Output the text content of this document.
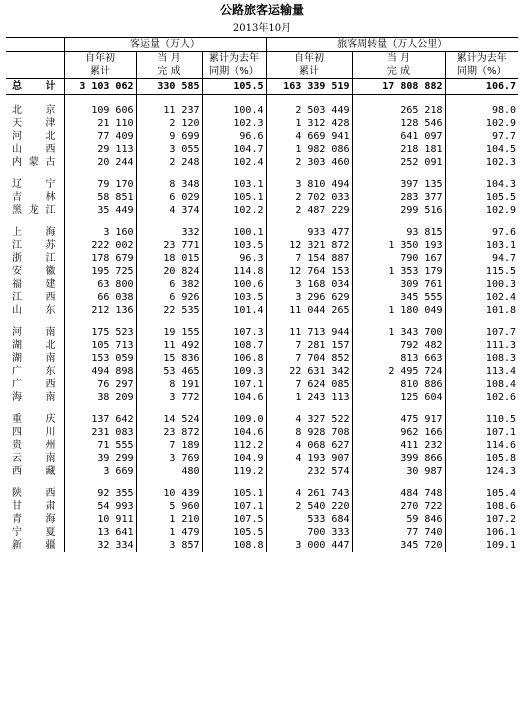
公路旅客运输量
2013年10月
	客运量（万人）			旅客周转量（万人公里）		
	自年初	当 月	累计为去年	自年初	当 月	累计为去年
	累计	完 成	同期（%）	累计	完 成	同期（%）
总 计	3 103 062	330 585	105.5	163 339 519	17 808 882	106.7

北京	109 606	11 237	100.4	2 503 449	265 218	98.0
天津	21 110	2 120	102.3	1 312 428	128 546	102.9
河北	77 409	9 699	96.6	4 669 941	641 097	97.7
山西	29 113	3 055	104.7	1 982 086	218 181	104.5
内蒙古	20 244	2 248	102.4	2 303 460	252 091	102.3

辽宁	79 170	8 348	103.1	3 810 494	397 135	104.3
吉林	58 851	6 029	105.1	2 702 033	283 377	105.5
黑龙江	35 449	4 374	102.2	2 487 229	299 516	102.9

上海	3 160	332	100.1	933 477	93 815	97.6
江苏	222 002	23 771	103.5	12 321 872	1 350 193	103.1
浙江	178 679	18 015	96.3	7 154 887	790 167	94.7
安徽	195 725	20 824	114.8	12 764 153	1 353 179	115.5
福建	63 800	6 382	100.6	3 168 034	309 761	100.3
江西	66 038	6 926	103.5	3 296 629	345 555	102.4
山东	212 136	22 535	101.4	11 044 265	1 180 049	101.8

河南	175 523	19 155	107.3	11 713 944	1 343 700	107.7
湖北	105 713	11 492	108.7	7 281 157	792 482	111.3
湖南	153 059	15 836	106.8	7 704 852	813 663	108.3
广东	494 898	53 465	109.3	22 631 342	2 495 724	113.4
广西	76 297	8 191	107.1	7 624 085	810 886	108.4
海南	38 209	3 772	104.6	1 243 113	125 604	102.6

重庆	137 642	14 524	109.0	4 327 522	475 917	110.5
四川	231 083	23 872	104.6	8 928 708	962 166	107.1
贵州	71 555	7 189	112.2	4 068 627	411 232	114.6
云南	39 299	3 769	104.9	4 193 907	399 866	105.8
西藏	3 669	480	119.2	232 574	30 987	124.3

陕西	92 355	10 439	105.1	4 261 743	484 748	105.4
甘肃	54 993	5 960	107.1	2 540 220	270 722	108.6
青海	10 911	1 210	107.5	533 684	59 846	107.2
宁夏	13 641	1 479	105.5	700 333	77 740	106.1
新疆	32 334	3 857	108.8	3 000 447	345 720	109.1
